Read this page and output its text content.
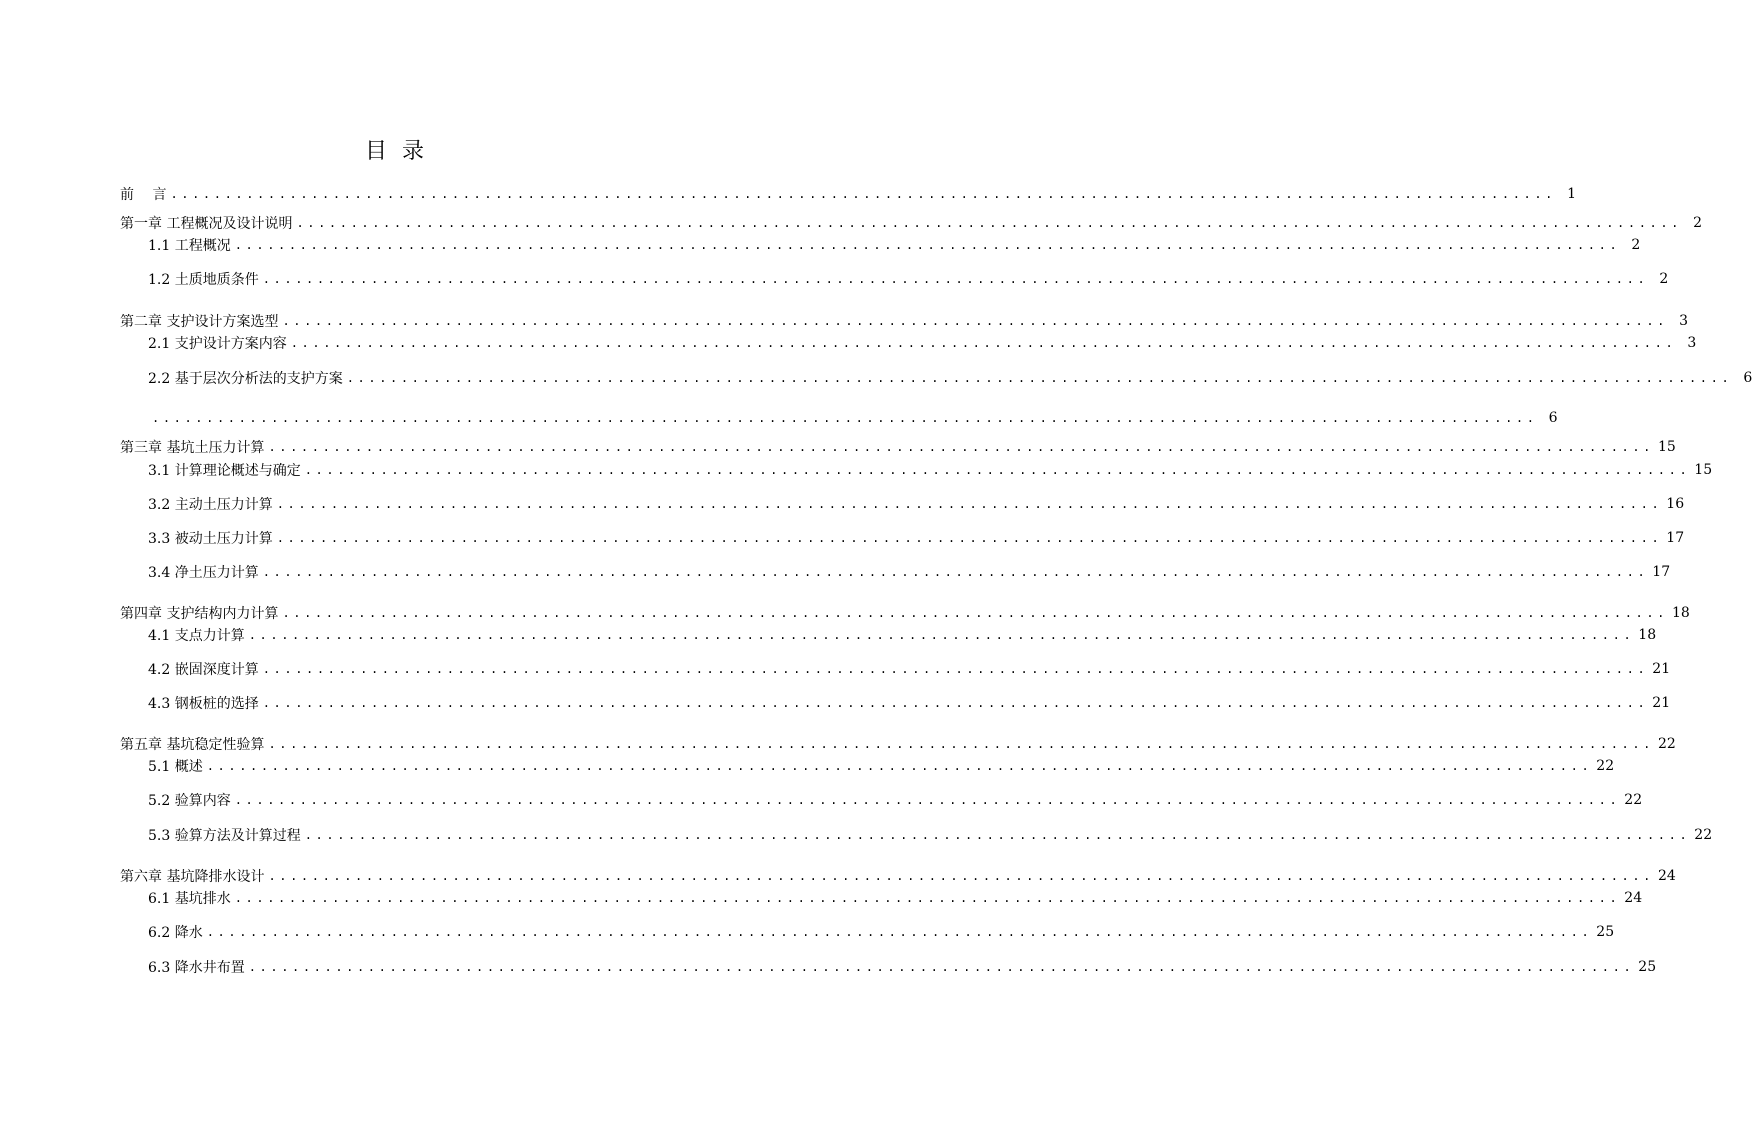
目 录
前　 言 ................................................................................................................................ 1
第一章 工程概况及设计说明 ................................................................................................................................ 2
1.1 工程概况 ................................................................................................................................ 2
1.2 土质地质条件 ................................................................................................................................ 2
第二章 支护设计方案选型 ................................................................................................................................ 3
2.1 支护设计方案内容 ................................................................................................................................ 3
2.2 基于层次分析法的支护方案 ................................................................................................................................ 6
................................................................................................................................ 6
第三章 基坑土压力计算 ................................................................................................................................ 15
3.1 计算理论概述与确定 ................................................................................................................................ 15
3.2 主动土压力计算 ................................................................................................................................ 16
3.3 被动土压力计算 ................................................................................................................................ 17
3.4 净土压力计算 ................................................................................................................................ 17
第四章 支护结构内力计算 ................................................................................................................................ 18
4.1 支点力计算 ................................................................................................................................ 18
4.2 嵌固深度计算 ................................................................................................................................ 21
4.3 钢板桩的选择 ................................................................................................................................ 21
第五章 基坑稳定性验算 ................................................................................................................................ 22
5.1 概述 ................................................................................................................................ 22
5.2 验算内容 ................................................................................................................................ 22
5.3 验算方法及计算过程 ................................................................................................................................ 22
第六章 基坑降排水设计 ................................................................................................................................ 24
6.1 基坑排水 ................................................................................................................................ 24
6.2 降水 ................................................................................................................................ 25
6.3 降水井布置 ................................................................................................................................ 25
